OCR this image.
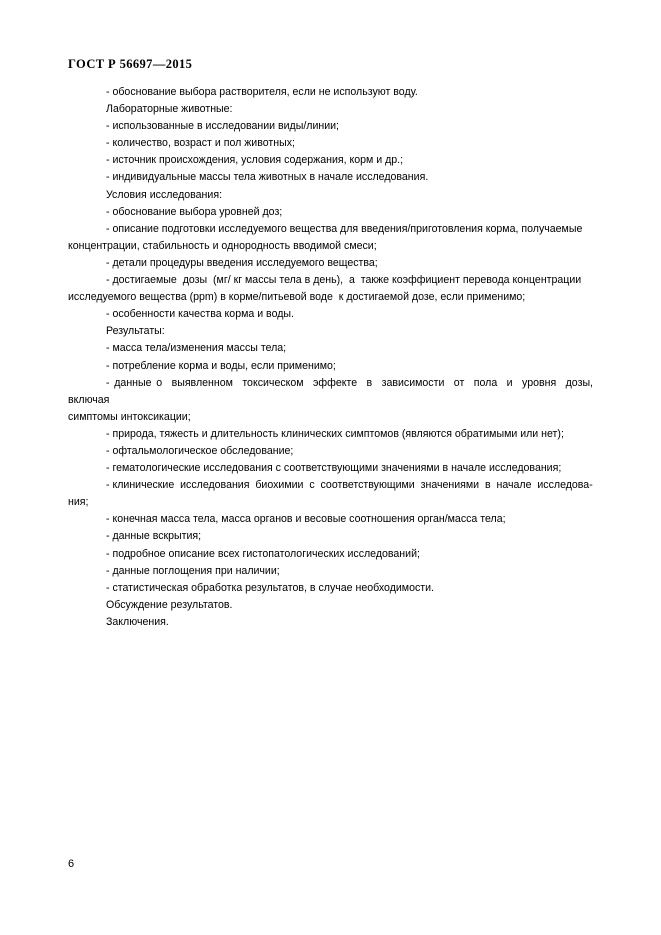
ГОСТ Р 56697—2015
- обоснование выбора растворителя, если не используют воду.
Лабораторные животные:
- использованные в исследовании виды/линии;
- количество, возраст и пол животных;
- источник происхождения, условия содержания, корм и др.;
- индивидуальные массы тела животных в начале исследования.
Условия исследования:
- обоснование выбора уровней доз;
- описание подготовки исследуемого вещества для введения/приготовления корма, получаемые
концентрации, стабильность и однородность вводимой смеси;
- детали процедуры введения исследуемого вещества;
- достигаемые  дозы  (мг/ кг массы тела в день),  а  также коэффициент перевода концентрации
исследуемого вещества (ppm) в корме/питьевой воде  к достигаемой дозе, если применимо;
- особенности качества корма и воды.
Результаты:
- масса тела/изменения массы тела;
- потребление корма и воды, если применимо;
- данные о  выявленном  токсическом  эффекте  в  зависимости  от  пола  и  уровня  дозы,  включая
симптомы интоксикации;
- природа, тяжесть и длительность клинических симптомов (являются обратимыми или нет);
- офтальмологическое обследование;
- гематологические исследования с соответствующими значениями в начале исследования;
- клинические  исследования  биохимии  с  соответствующими  значениями  в  начале  исследова-
ния;
- конечная масса тела, масса органов и весовые соотношения орган/масса тела;
- данные вскрытия;
- подробное описание всех гистопатологических исследований;
- данные поглощения при наличии;
- статистическая обработка результатов, в случае необходимости.
Обсуждение результатов.
Заключения.
6
